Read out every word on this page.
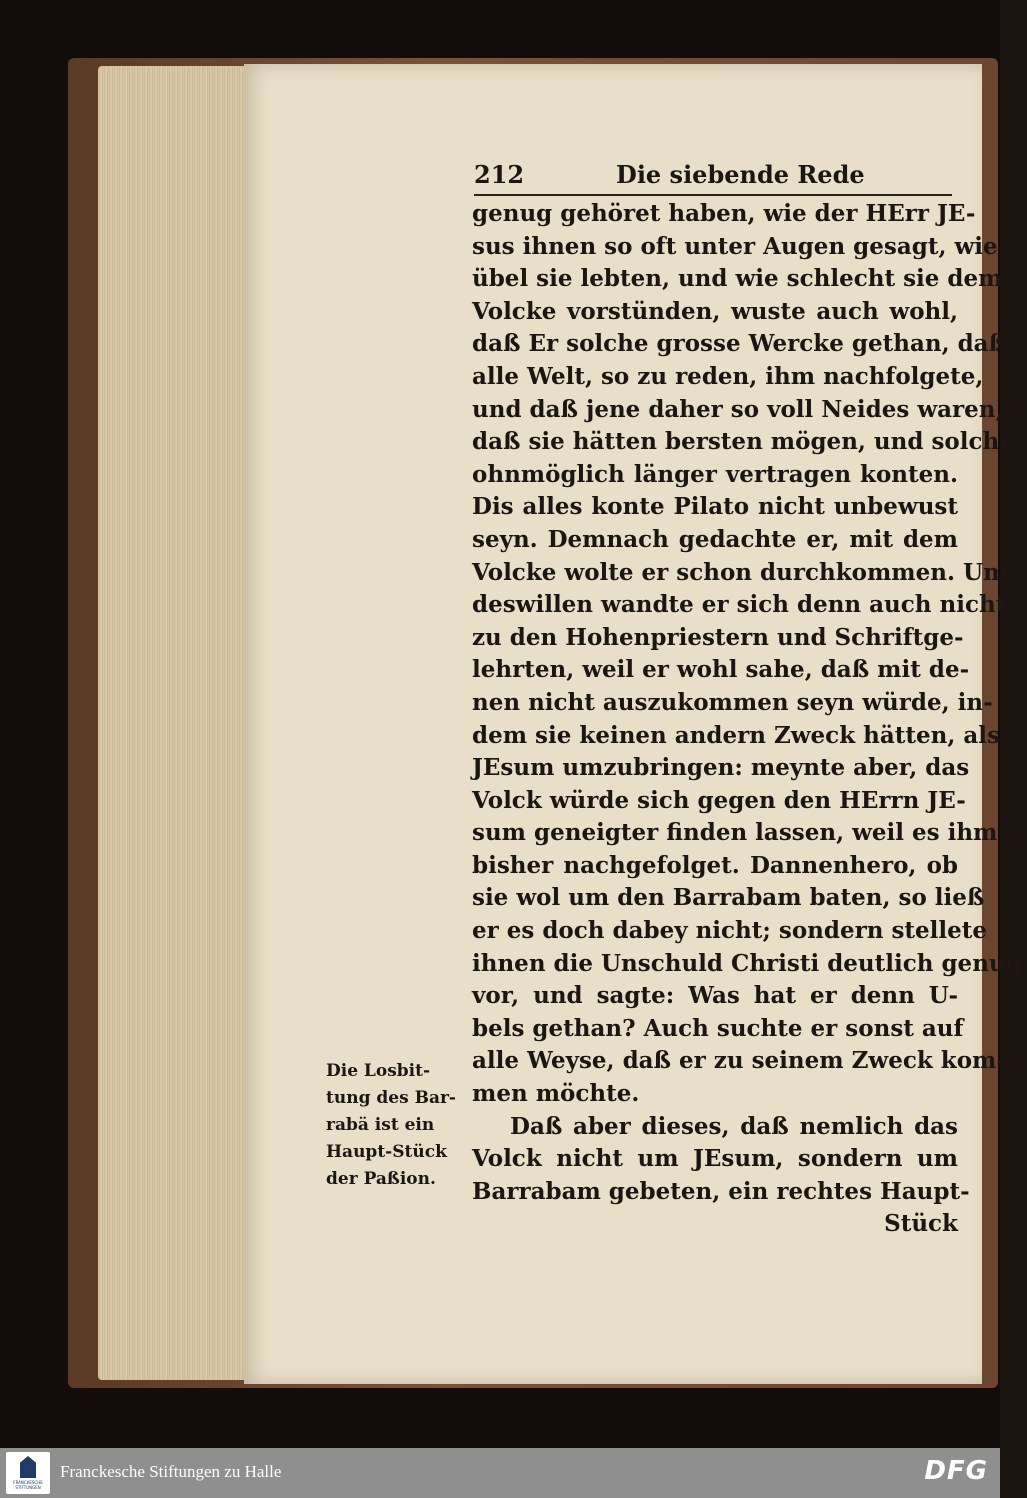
212	Die siebende Rede
genug gehöret haben, wie der HErr JE-
sus ihnen so oft unter Augen gesagt, wie
übel sie lebten, und wie schlecht sie dem
Volcke vorstünden, wuste auch wohl,
daß Er solche grosse Wercke gethan, daß
alle Welt, so zu reden, ihm nachfolgete,
und daß jene daher so voll Neides waren,
daß sie hätten bersten mögen, und solches
ohnmöglich länger vertragen konten.
Dis alles konte Pilato nicht unbewust
seyn. Demnach gedachte er, mit dem
Volcke wolte er schon durchkommen. Um
deswillen wandte er sich denn auch nicht
zu den Hohenpriestern und Schriftge-
lehrten, weil er wohl sahe, daß mit de-
nen nicht auszukommen seyn würde, in-
dem sie keinen andern Zweck hätten, als
JEsum umzubringen: meynte aber, das
Volck würde sich gegen den HErrn JE-
sum geneigter finden lassen, weil es ihm
bisher nachgefolget. Dannenhero, ob
sie wol um den Barrabam baten, so ließ
er es doch dabey nicht; sondern stellete
ihnen die Unschuld Christi deutlich genug
vor, und sagte: Was hat er denn U-
bels gethan? Auch suchte er sonst auf
alle Weyse, daß er zu seinem Zweck kom-
men möchte.
Daß aber dieses, daß nemlich das
Volck nicht um JEsum, sondern um
Barrabam gebeten, ein rechtes Haupt-
Stück
Die Losbit-
tung des Bar-
rabä ist ein
Haupt-Stück
der Paßion.
FRANCKESCHE STIFTUNGEN
Franckesche Stiftungen zu Halle	DFG
